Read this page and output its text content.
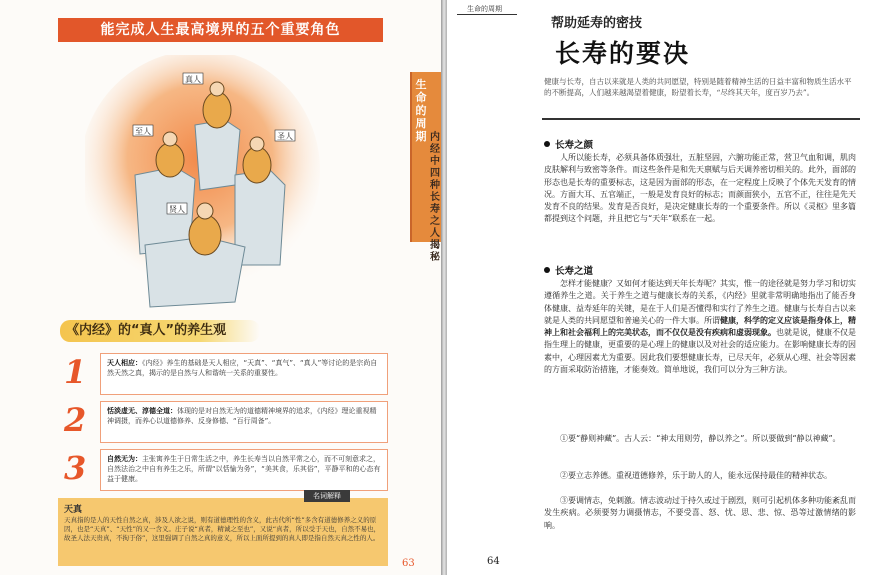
能完成人生最高境界的五个重要角色
真人
至人
圣人
贤人
生命的周期 内经中四种长寿之人揭秘
《内经》的“真人”的养生观
1	天人相应：《内经》养生的基础是天人相应，“天真”、“真气”、“真人”等讨论的是宗尚自然天然之真，揭示的是自然与人和谐统一关系的重要性。
2	恬淡虚无、淳德全道：体现的是对自然无为的道德精神境界的追求，《内经》理论重视精神调摄，而养心以道德修养、反身修德、“百行周备”。
3	自然无为：主张寓养生于日常生活之中，养生长寿当以自然平常之心，而不可刻意求之，自然法治之中自有养生之乐，所谓“以恬愉为务”，“美其食，乐其俗”，平静平和的心态有益于健康。
天真
天真指的是人的天性自然之真，涉及人欲之说，则有道德理性的含义，此古代所“性”多含有道德修养之义的原因，也是“天真”、“天性”的又一含义。庄子说“真者，精诚之至也”，又说“真者，所以受于天也，自然不易也，故圣人法天贵真，不拘于俗”，这里强调了自然之真的意义，所以上面所提到的真人即是指自然天真之性的人。
名词解释
63
生命的周期
帮助延寿的密技
长寿的要决
健康与长寿，自古以来就是人类的共同愿望，特别是随着精神生活的日益丰富和物质生活水平的不断提高，人们越来越渴望着健康，盼望着长寿，“尽终其天年，度百岁乃去”。
长寿之颜
人所以能长寿，必须具备体质强壮，五脏坚固，六腑功能正常，营卫气血和调，肌肉皮肤解利与致密等条件。而这些条件是和先天禀赋与后天调养密切相关的。此外，面部的形态也是长寿的重要标志，这是因为面部的形态，在一定程度上反映了个体先天发育的情况。方面大耳、五官端正，一般是发育良好的标志；而颜面狭小，五官不正，往往是先天发育不良的结果。发育是否良好，是决定健康长寿的一个重要条件。所以《灵枢》里多篇都提到这个问题，并且把它与“天年”联系在一起。
长寿之道
怎样才能健康？又如何才能达到天年长寿呢？其实，惟一的途径就是努力学习和切实遵循养生之道。关于养生之道与健康长寿的关系，《内经》里就非常明确地指出了能否身体健康、益寿延年的关键，是在于人们是否懂得和实行了养生之道。健康与长寿自古以来就是人类的共同愿望和普遍关心的一件大事。所谓健康，科学的定义应该是指身体上，精神上和社会福利上的完美状态，而不仅仅是没有疾病和虚弱现象。也就是说，健康不仅是指生理上的健康，更重要的是心理上的健康以及对社会的适应能力。在影响健康长寿的因素中，心理因素尤为重要。因此我们要想健康长寿，已尽天年，必须从心理、社会等因素的方面采取防治措施，才能奏效。简单地说，我们可以分为三种方法。
①要“静则神藏”。古人云：“神太用则劳，静以养之”。所以要做到“静以神藏”。
②要立志养德。重视道德修养，乐于助人的人，能永远保持最佳的精神状态。
③要调情志，免刺激。情志波动过于持久或过于剧烈，则可引起机体多种功能紊乱而发生疾病。必须要努力调摄情志，不要受喜、怒、忧、思、悲、惊、恐等过激情绪的影响。
64
